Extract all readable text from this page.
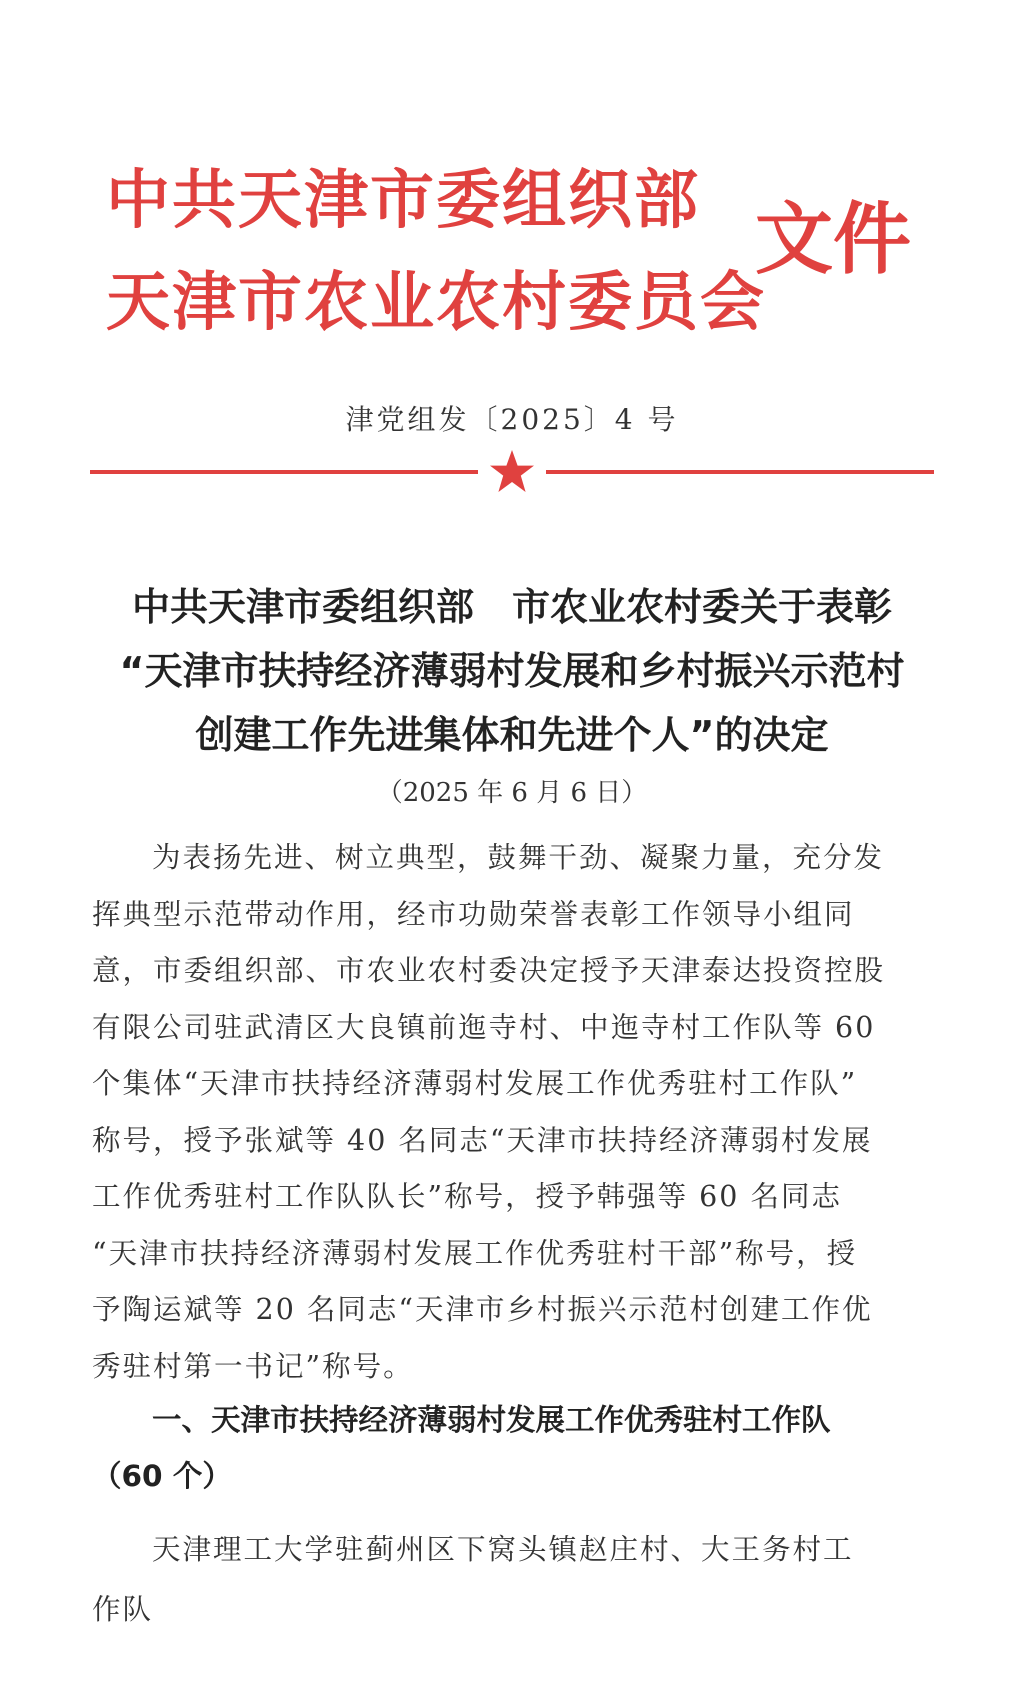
中共天津市委组织部
天津市农业农村委员会
文件
津党组发〔2025〕4 号
中共天津市委组织部　市农业农村委关于表彰
“天津市扶持经济薄弱村发展和乡村振兴示范村
创建工作先进集体和先进个人”的决定
（2025 年 6 月 6 日）
为表扬先进、树立典型，鼓舞干劲、凝聚力量，充分发
挥典型示范带动作用，经市功勋荣誉表彰工作领导小组同
意，市委组织部、市农业农村委决定授予天津泰达投资控股
有限公司驻武清区大良镇前迤寺村、中迤寺村工作队等 60
个集体“天津市扶持经济薄弱村发展工作优秀驻村工作队”
称号，授予张斌等 40 名同志“天津市扶持经济薄弱村发展
工作优秀驻村工作队队长”称号，授予韩强等 60 名同志
“天津市扶持经济薄弱村发展工作优秀驻村干部”称号，授
予陶运斌等 20 名同志“天津市乡村振兴示范村创建工作优
秀驻村第一书记”称号。
一、天津市扶持经济薄弱村发展工作优秀驻村工作队
（60 个）
天津理工大学驻蓟州区下窝头镇赵庄村、大王务村工
作队
